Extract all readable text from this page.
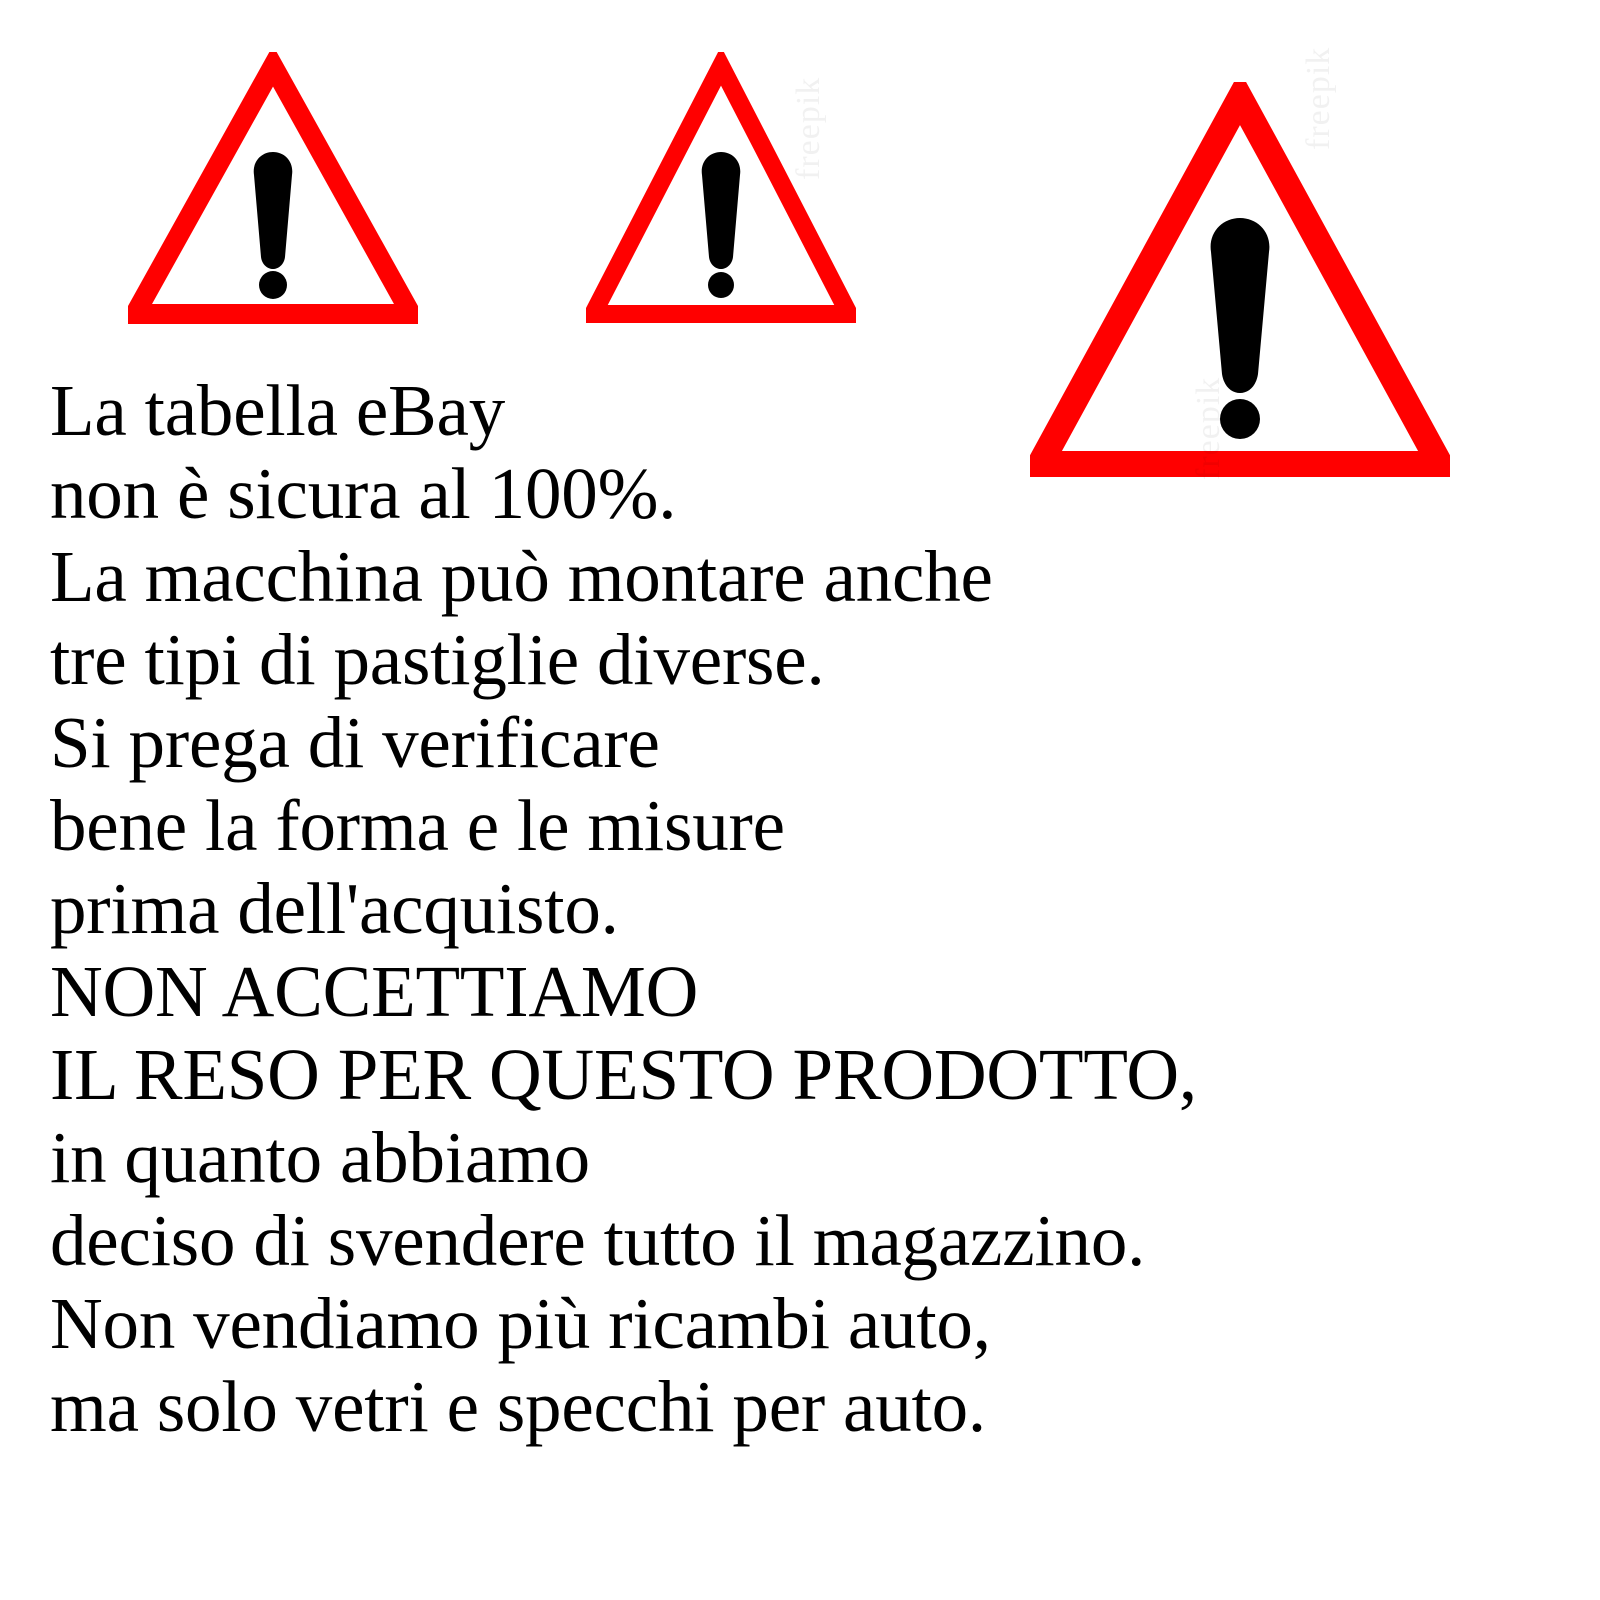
freepik	freepik
freepik
La tabella eBay
non è sicura al 100%.
La macchina può montare anche
tre tipi di pastiglie diverse.
Si prega di verificare
bene la forma e le misure
prima dell'acquisto.
NON ACCETTIAMO
IL RESO PER QUESTO PRODOTTO,
in quanto abbiamo
deciso di svendere tutto il magazzino.
Non vendiamo più ricambi auto,
ma solo vetri e specchi per auto.
